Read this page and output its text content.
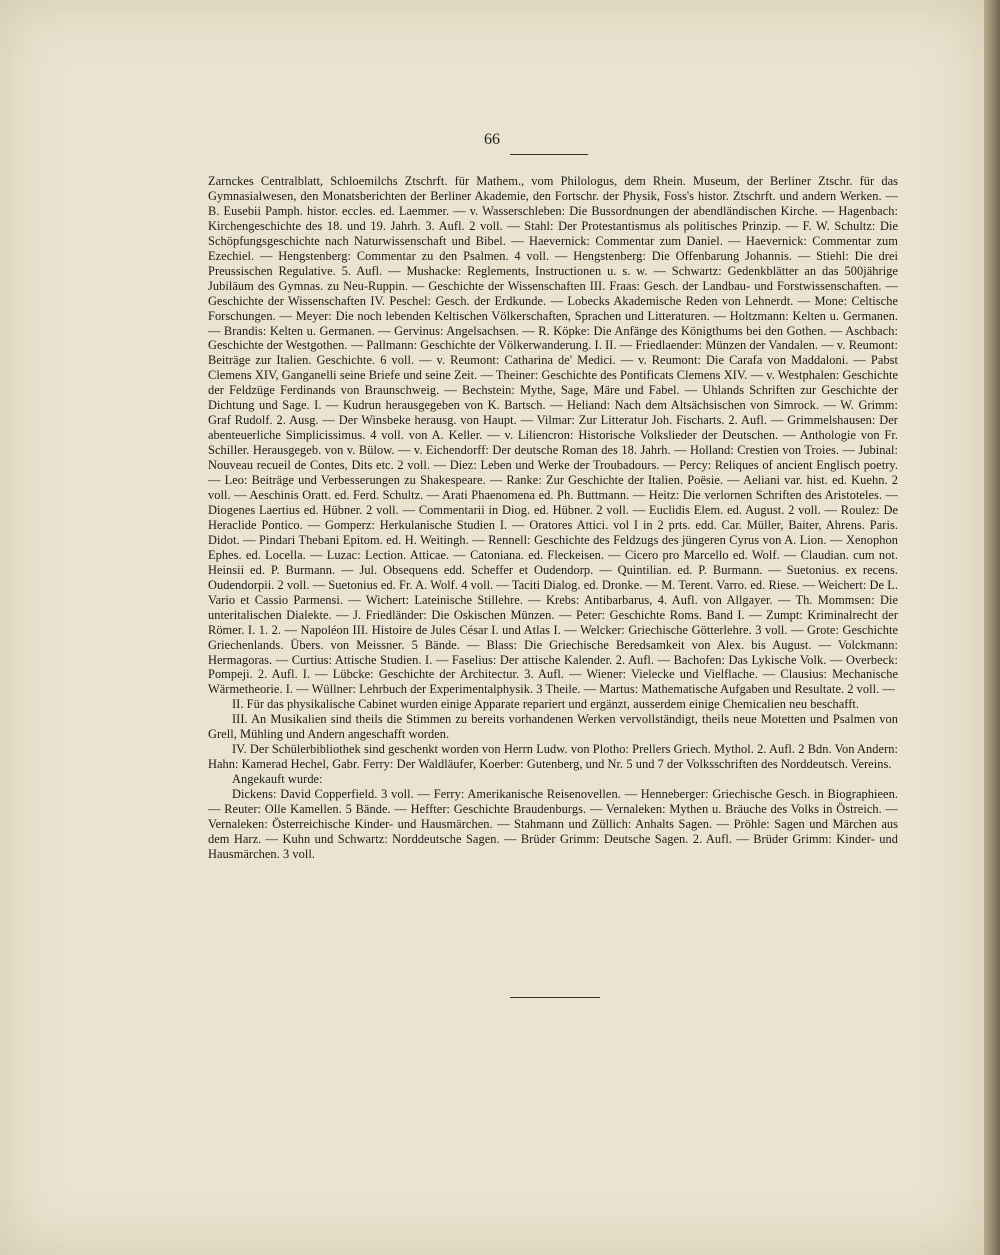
66

Zarnckes Centralblatt, Schloemilchs Ztschrft. für Mathem., vom Philologus, dem Rhein. Museum, der Berliner Ztschr. für das Gymnasialwesen, den Monatsberichten der Berliner Akademie, den Fortschr. der Physik, Foss's histor. Ztschrft. und andern Werken. — B. Eusebii Pamph. histor. eccles. ed. Laemmer. — v. Wasserschleben: Die Bussordnungen der abendländischen Kirche. — Hagenbach: Kirchengeschichte des 18. und 19. Jahrh. 3. Aufl. 2 voll. — Stahl: Der Protestantismus als politisches Prinzip. — F. W. Schultz: Die Schöpfungsgeschichte nach Naturwissenschaft und Bibel. — Haevernick: Commentar zum Daniel. — Haevernick: Commentar zum Ezechiel. — Hengstenberg: Commentar zu den Psalmen. 4 voll. — Hengstenberg: Die Offenbarung Johannis. — Stiehl: Die drei Preussischen Regulative. 5. Aufl. — Mushacke: Reglements, Instructionen u. s. w. — Schwartz: Gedenkblätter an das 500jährige Jubiläum des Gymnas. zu Neu-Ruppin. — Geschichte der Wissenschaften III. Fraas: Gesch. der Landbau- und Forstwissenschaften. — Geschichte der Wissenschaften IV. Peschel: Gesch. der Erdkunde. — Lobecks Akademische Reden von Lehnerdt. — Mone: Celtische Forschungen. — Meyer: Die noch lebenden Keltischen Völkerschaften, Sprachen und Litteraturen. — Holtzmann: Kelten u. Germanen. — Brandis: Kelten u. Germanen. — Gervinus: Angelsachsen. — R. Köpke: Die Anfänge des Königthums bei den Gothen. — Aschbach: Geschichte der Westgothen. — Pallmann: Geschichte der Völkerwanderung. I. II. — Friedlaender: Münzen der Vandalen. — v. Reumont: Beiträge zur Italien. Geschichte. 6 voll. — v. Reumont: Catharina de' Medici. — v. Reumont: Die Carafa von Maddaloni. — Pabst Clemens XIV, Ganganelli seine Briefe und seine Zeit. — Theiner: Geschichte des Pontificats Clemens XIV. — v. Westphalen: Geschichte der Feldzüge Ferdinands von Braunschweig. — Bechstein: Mythe, Sage, Märe und Fabel. — Uhlands Schriften zur Geschichte der Dichtung und Sage. I. — Kudrun herausgegeben von K. Bartsch. — Heliand: Nach dem Altsächsischen von Simrock. — W. Grimm: Graf Rudolf. 2. Ausg. — Der Winsbeke herausg. von Haupt. — Vilmar: Zur Litteratur Joh. Fischarts. 2. Aufl. — Grimmelshausen: Der abenteuerliche Simplicissimus. 4 voll. von A. Keller. — v. Liliencron: Historische Volkslieder der Deutschen. — Anthologie von Fr. Schiller. Herausgegeb. von v. Bülow. — v. Eichendorff: Der deutsche Roman des 18. Jahrh. — Holland: Crestien von Troies. — Jubinal: Nouveau recueil de Contes, Dits etc. 2 voll. — Diez: Leben und Werke der Troubadours. — Percy: Reliques of ancient Englisch poetry. — Leo: Beiträge und Verbesserungen zu Shakespeare. — Ranke: Zur Geschichte der Italien. Poësie. — Aeliani var. hist. ed. Kuehn. 2 voll. — Aeschinis Oratt. ed. Ferd. Schultz. — Arati Phaenomena ed. Ph. Buttmann. — Heitz: Die verlornen Schriften des Aristoteles. — Diogenes Laertius ed. Hübner. 2 voll. — Commentarii in Diog. ed. Hübner. 2 voll. — Euclidis Elem. ed. August. 2 voll. — Roulez: De Heraclide Pontico. — Gomperz: Herkulanische Studien I. — Oratores Attici. vol I in 2 prts. edd. Car. Müller, Baiter, Ahrens. Paris. Didot. — Pindari Thebani Epitom. ed. H. Weitingh. — Rennell: Geschichte des Feldzugs des jüngeren Cyrus von A. Lion. — Xenophon Ephes. ed. Locella. — Luzac: Lection. Atticae. — Catoniana. ed. Fleckeisen. — Cicero pro Marcello ed. Wolf. — Claudian. cum not. Heinsii ed. P. Burmann. — Jul. Obsequens edd. Scheffer et Oudendorp. — Quintilian. ed. P. Burmann. — Suetonius. ex recens. Oudendorpii. 2 voll. — Suetonius ed. Fr. A. Wolf. 4 voll. — Taciti Dialog. ed. Dronke. — M. Terent. Varro. ed. Riese. — Weichert: De L. Vario et Cassio Parmensi. — Wichert: Lateinische Stillehre. — Krebs: Antibarbarus, 4. Aufl. von Allgayer. — Th. Mommsen: Die unteritalischen Dialekte. — J. Friedländer: Die Oskischen Münzen. — Peter: Geschichte Roms. Band I. — Zumpt: Kriminalrecht der Römer. I. 1. 2. — Napoléon III. Histoire de Jules César I. und Atlas I. — Welcker: Griechische Götterlehre. 3 voll. — Grote: Geschichte Griechenlands. Übers. von Meissner. 5 Bände. — Blass: Die Griechische Beredsamkeit von Alex. bis August. — Volckmann: Hermagoras. — Curtius: Attische Studien. I. — Faselius: Der attische Kalender. 2. Aufl. — Bachofen: Das Lykische Volk. — Overbeck: Pompeji. 2. Aufl. I. — Lübcke: Geschichte der Architectur. 3. Aufl. — Wiener: Vielecke und Vielflache. — Clausius: Mechanische Wärmetheorie. I. — Wüllner: Lehrbuch der Experimentalphysik. 3 Theile. — Martus: Mathematische Aufgaben und Resultate. 2 voll. —

II. Für das physikalische Cabinet wurden einige Apparate repariert und ergänzt, ausserdem einige Chemicalien neu beschafft.

III. An Musikalien sind theils die Stimmen zu bereits vorhandenen Werken vervollständigt, theils neue Motetten und Psalmen von Grell, Mühling und Andern angeschafft worden.

IV. Der Schülerbibliothek sind geschenkt worden von Herrn Ludw. von Plotho: Prellers Griech. Mythol. 2. Aufl. 2 Bdn. Von Andern: Hahn: Kamerad Hechel, Gabr. Ferry: Der Waldläufer, Koerber: Gutenberg, und Nr. 5 und 7 der Volksschriften des Norddeutsch. Vereins.

Angekauft wurde:

Dickens: David Copperfield. 3 voll. — Ferry: Amerikanische Reisenovellen. — Henneberger: Griechische Gesch. in Biographieen. — Reuter: Olle Kamellen. 5 Bände. — Heffter: Geschichte Braudenburgs. — Vernaleken: Mythen u. Bräuche des Volks in Östreich. — Vernaleken: Österreichische Kinder- und Hausmärchen. — Stahmann und Züllich: Anhalts Sagen. — Pröhle: Sagen und Märchen aus dem Harz. — Kuhn und Schwartz: Norddeutsche Sagen. — Brüder Grimm: Deutsche Sagen. 2. Aufl. — Brüder Grimm: Kinder- und Hausmärchen. 3 voll.
